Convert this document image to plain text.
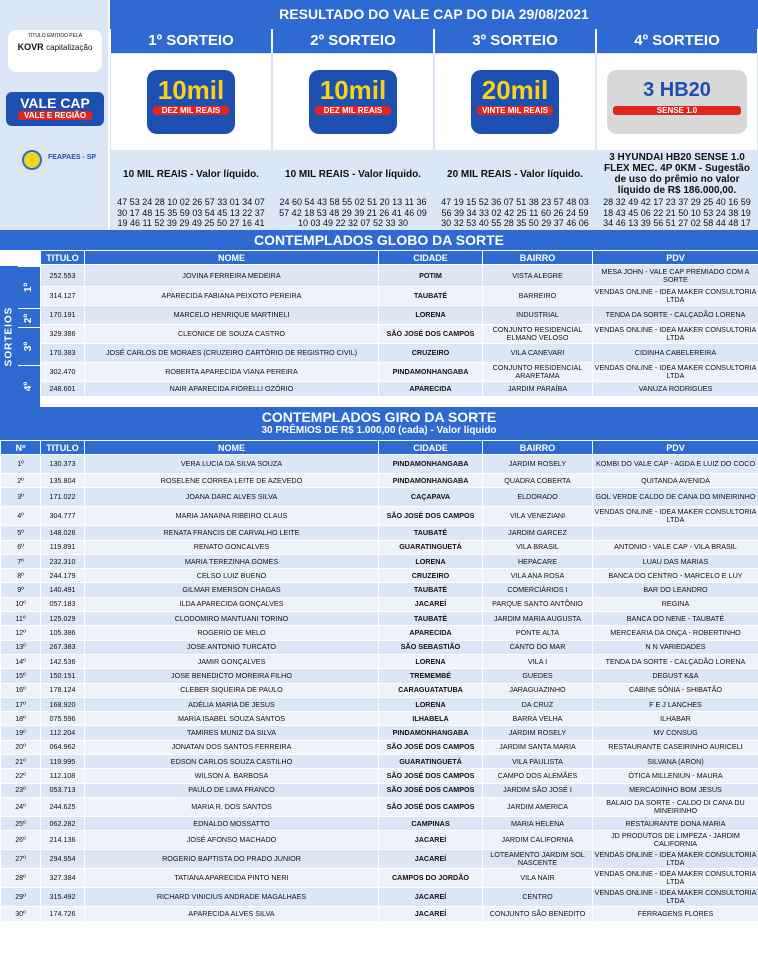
TÍTULO EMITIDO PELA
KOVR capitalização
VALE CAP
VALE E REGIÃO
FEAPAES - SP
RESULTADO DO VALE CAP DO DIA 29/08/2021
1º SORTEIO
10mil
DEZ MIL REAIS
10 MIL REAIS - Valor líquido.
47 53 24 28 10 02 26 57 33 01 34 07 30 17 48 15 35 59 03 54 45 13 22 37 19 46 11 52 39 29 49 25 50 27 16 41
2º SORTEIO
10mil
DEZ MIL REAIS
10 MIL REAIS - Valor líquido.
24 60 54 43 58 55 02 51 20 13 11 36 57 42 18 53 48 29 39 21 26 41 46 09 10 03 49 22 32 07 52 33 30
3º SORTEIO
20mil
VINTE MIL REAIS
20 MIL REAIS - Valor líquido.
47 19 15 52 36 07 51 38 23 57 48 03 56 39 34 33 02 42 25 11 60 26 24 59 30 32 53 40 55 28 35 50 29 37 46 06
4º SORTEIO
3 HB20
SENSE 1.0
3 HYUNDAI HB20 SENSE 1.0 FLEX MEC. 4P 0KM - Sugestão de uso do prêmio no valor líquido de R$ 186.000,00.
28 32 49 42 17 23 37 29 25 40 16 59 18 43 45 06 22 21 50 10 53 24 38 19 34 46 13 39 56 51 27 02 58 44 48 17
CONTEMPLADOS GLOBO DA SORTE
TITULO	NOME	CIDADE	BAIRRO	PDV
252.553	JOVINA FERREIRA MEDEIRA	POTIM	VISTA ALEGRE	MESA JOHN - VALE CAP PREMIADO COM A SORTE
314.127	APARECIDA FABIANA PEIXOTO PEREIRA	TAUBATÉ	BARREIRO	VENDAS ONLINE - IDEA MAKER CONSULTORIA LTDA
170.191	MARCELO HENRIQUE MARTINELI	LORENA	INDUSTRIAL	TENDA DA SORTE - CALÇADÃO LORENA
329.386	CLEONICE DE SOUZA CASTRO	SÃO JOSÉ DOS CAMPOS	CONJUNTO RESIDENCIAL ELMANO VELOSO	VENDAS ONLINE - IDEA MAKER CONSULTORIA LTDA
170.383	JOSÉ CARLOS DE MORAES (CRUZEIRO CARTÓRIO DE REGISTRO CIVIL)	CRUZEIRO	VILA CANEVARI	CIDINHA CABELEREIRA
302.470	ROBERTA APARECIDA VIANA PEREIRA	PINDAMONHANGABA	CONJUNTO RESIDENCIAL ARARETAMA	VENDAS ONLINE - IDEA MAKER CONSULTORIA LTDA
248.601	NAIR APARECIDA FIORELLI OZÓRIO	APARECIDA	JARDIM PARAÍBA	VANUZA RODRIGUES
SORTEIOS
1º
2º
3º
4º
CONTEMPLADOS GIRO DA SORTE
30 PRÊMIOS DE R$ 1.000,00 (cada) - Valor líquido
Nº	TITULO	NOME	CIDADE	BAIRRO	PDV
1º	130.373	VERA LUCIA DA SILVA SOUZA	PINDAMONHANGABA	JARDIM ROSELY	KOMBI DO VALE CAP - AGDA E LUIZ DO COCO
2º	135.804	ROSELENE CORREA LEITE DE AZEVEDO	PINDAMONHANGABA	QUADRA COBERTA	QUITANDA AVENIDA
3º	171.022	JOANA DARC ALVES SILVA	CAÇAPAVA	ELDORADO	GOL VERDE CALDO DE CANA DO MINEIRINHO
4º	304.777	MARIA JANAINA RIBEIRO CLAUS	SÃO JOSÉ DOS CAMPOS	VILA VENEZIANI	VENDAS ONLINE - IDEA MAKER CONSULTORIA LTDA
5º	148.026	RENATA FRANCIS DE CARVALHO LEITE	TAUBATÉ	JARDIM GARCEZ	
6º	119.891	RENATO GONCALVES	GUARATINGUETÁ	VILA BRASIL	ANTONIO - VALE CAP - VILA BRASIL
7º	232.310	MARIA TEREZINHA GOMES	LORENA	HEPACARE	LUAU DAS MARIAS
8º	244.179	CELSO LUIZ BUENO	CRUZEIRO	VILA ANA ROSA	BANCA DO CENTRO - MARCELO E LUY
9º	140.491	GILMAR EMERSON CHAGAS	TAUBATÉ	COMERCIÁRIOS I	BAR DO LEANDRO
10º	057.183	ILDA APARECIDA GONÇALVES	JACAREÍ	PARQUE SANTO ANTÔNIO	REGINA
11º	125.029	CLODOMIRO MANTUANI TORINO	TAUBATÉ	JARDIM MARIA AUGUSTA	BANCA DO NENE - TAUBATÉ
12º	105.386	ROGERIO DE MELO	APARECIDA	PONTE ALTA	MERCEARIA DA ONÇA - ROBERTINHO
13º	267.383	JOSE ANTONIO TURCATO	SÃO SEBASTIÃO	CANTO DO MAR	N N VARIEDADES
14º	142.536	JAMIR GONÇALVES	LORENA	VILA I	TENDA DA SORTE - CALÇADÃO LORENA
15º	150.151	JOSE BENEDICTO MOREIRA FILHO	TREMEMBÉ	GUEDES	DEGUST K&A
16º	178.124	CLEBER SIQUEIRA DE PAULO	CARAGUATATUBA	JARAGUAZINHO	CABINE SÔNIA - SHIBATÃO
17º	168.920	ADÉLIA MARIA DE JESUS	LORENA	DA CRUZ	F E J LANCHES
18º	075.596	MARIA ISABEL SOUZA SANTOS	ILHABELA	BARRA VELHA	ILHABAR
19º	112.204	TAMIRES MUNIZ DA SILVA	PINDAMONHANGABA	JARDIM ROSELY	MV CONSUG
20º	064.962	JONATAN DOS SANTOS FERREIRA	SÃO JOSÉ DOS CAMPOS	JARDIM SANTA MARIA	RESTAURANTE CASEIRINHO AURICELI
21º	119.995	EDSON CARLOS SOUZA CASTILHO	GUARATINGUETÁ	VILA PAULISTA	SILVANA (ARON)
22º	112.108	WILSON A. BARBOSA	SÃO JOSÉ DOS CAMPOS	CAMPO DOS ALEMÃES	ÓTICA MILLENIUN - MAURA
23º	053.713	PAULO DE LIMA FRANCO	SÃO JOSÉ DOS CAMPOS	JARDIM SÃO JOSÉ I	MERCADINHO BOM JESUS
24º	244.625	MARIA R. DOS SANTOS	SÃO JOSÉ DOS CAMPOS	JARDIM AMERICA	BALAIO DA SORTE - CALDO DI CANA DU MINEIRINHO
25º	062.282	EDNALDO MOSSATTO	CAMPINAS	MARIA HELENA	RESTAURANTE DONA MARIA
26º	214.136	JOSÉ AFONSO MACHADO	JACAREÍ	JARDIM CALIFORNIA	JD PRODUTOS DE LIMPEZA - JARDIM CALIFORNIA
27º	294.954	ROGERIO BAPTISTA DO PRADO JUNIOR	JACAREÍ	LOTEAMENTO JARDIM SOL NASCENTE	VENDAS ONLINE - IDEA MAKER CONSULTORIA LTDA
28º	327.384	TATIANA APARECIDA PINTO NERI	CAMPOS DO JORDÃO	VILA NAIR	VENDAS ONLINE - IDEA MAKER CONSULTORIA LTDA
29º	315.492	RICHARD VINICIUS ANDRADE MAGALHAES	JACAREÍ	CENTRO	VENDAS ONLINE - IDEA MAKER CONSULTORIA LTDA
30º	174.726	APARECIDA ALVES SILVA	JACAREÍ	CONJUNTO SÃO BENEDITO	FERRAGENS FLORES
